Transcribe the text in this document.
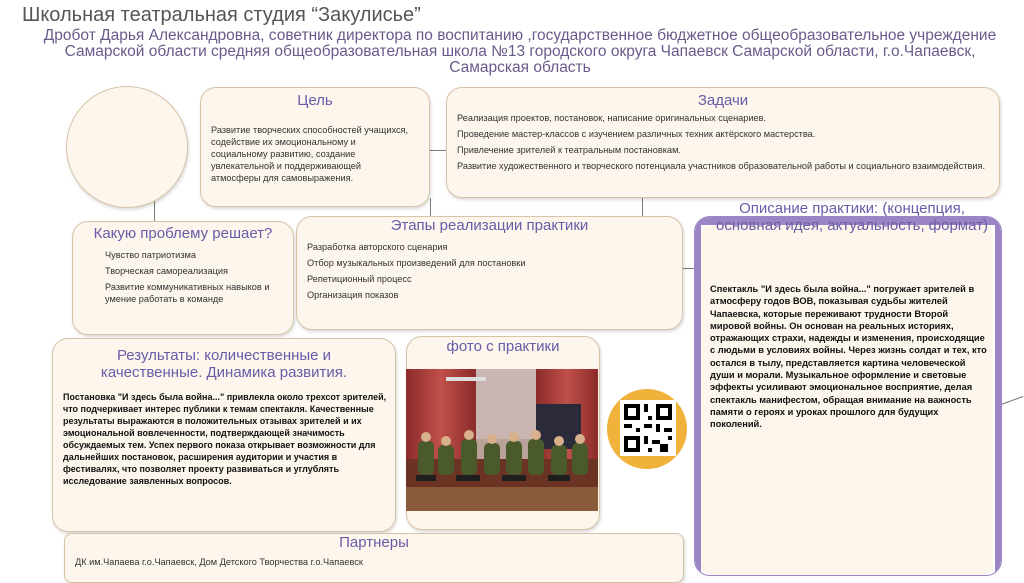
Школьная театральная студия “Закулисье”
Дробот Дарья Александровна, советник директора по воспитанию ,государственное бюджетное общеобразовательное учреждение Самарской области средняя общеобразовательная школа №13 городского округа Чапаевск Самарской области, г.о.Чапаевск, Самарская область
Цель
Развитие творческих способностей учащихся, содействие их эмоциональному и социальному развитию, создание увлекательной и поддерживающей атмосферы для самовыражения.
Задачи
Реализация проектов, постановок, написание оригинальных сценариев.
Проведение мастер-классов с изучением различных техник актёрского мастерства.
Привлечение зрителей к театральным постановкам.
Развитие художественного и творческого потенциала участников образовательной работы и социального взаимодействия.
Какую проблему решает?
Чувство патриотизма
Творческая самореализация
Развитие коммуникативных навыков и умение работать в команде
Этапы реализации практики
Разработка авторского сценария
Отбор музыкальных произведений для постановки
Репетиционный процесс
Организация показов
Описание практики: (концепция, основная идея, актуальность, формат)
Спектакль "И здесь была война..." погружает зрителей в атмосферу годов ВОВ, показывая судьбы жителей Чапаевска, которые переживают трудности Второй мировой войны. Он основан на реальных историях, отражающих страхи, надежды и изменения, происходящие с людьми в условиях войны. Через жизнь солдат и тех, кто остался в тылу, представляется картина человеческой души и морали. Музыкальное оформление и световые эффекты усиливают эмоциональное восприятие, делая спектакль манифестом, обращая внимание на важность памяти о героях и уроках прошлого для будущих поколений.
Результаты: количественные и качественные. Динамика развития.
Постановка "И здесь была война..." привлекла около трехсот зрителей, что подчеркивает интерес публики к темам спектакля. Качественные результаты выражаются в положительных отзывах зрителей и их эмоциональной вовлеченности, подтверждающей значимость обсуждаемых тем. Успех первого показа открывает возможности для дальнейших постановок, расширения аудитории и участия в фестивалях, что позволяет проекту развиваться и углублять исследование заявленных вопросов.
фото с практики
Партнеры
ДК им.Чапаева г.о.Чапаевск, Дом Детского Творчества г.о.Чапаевск
